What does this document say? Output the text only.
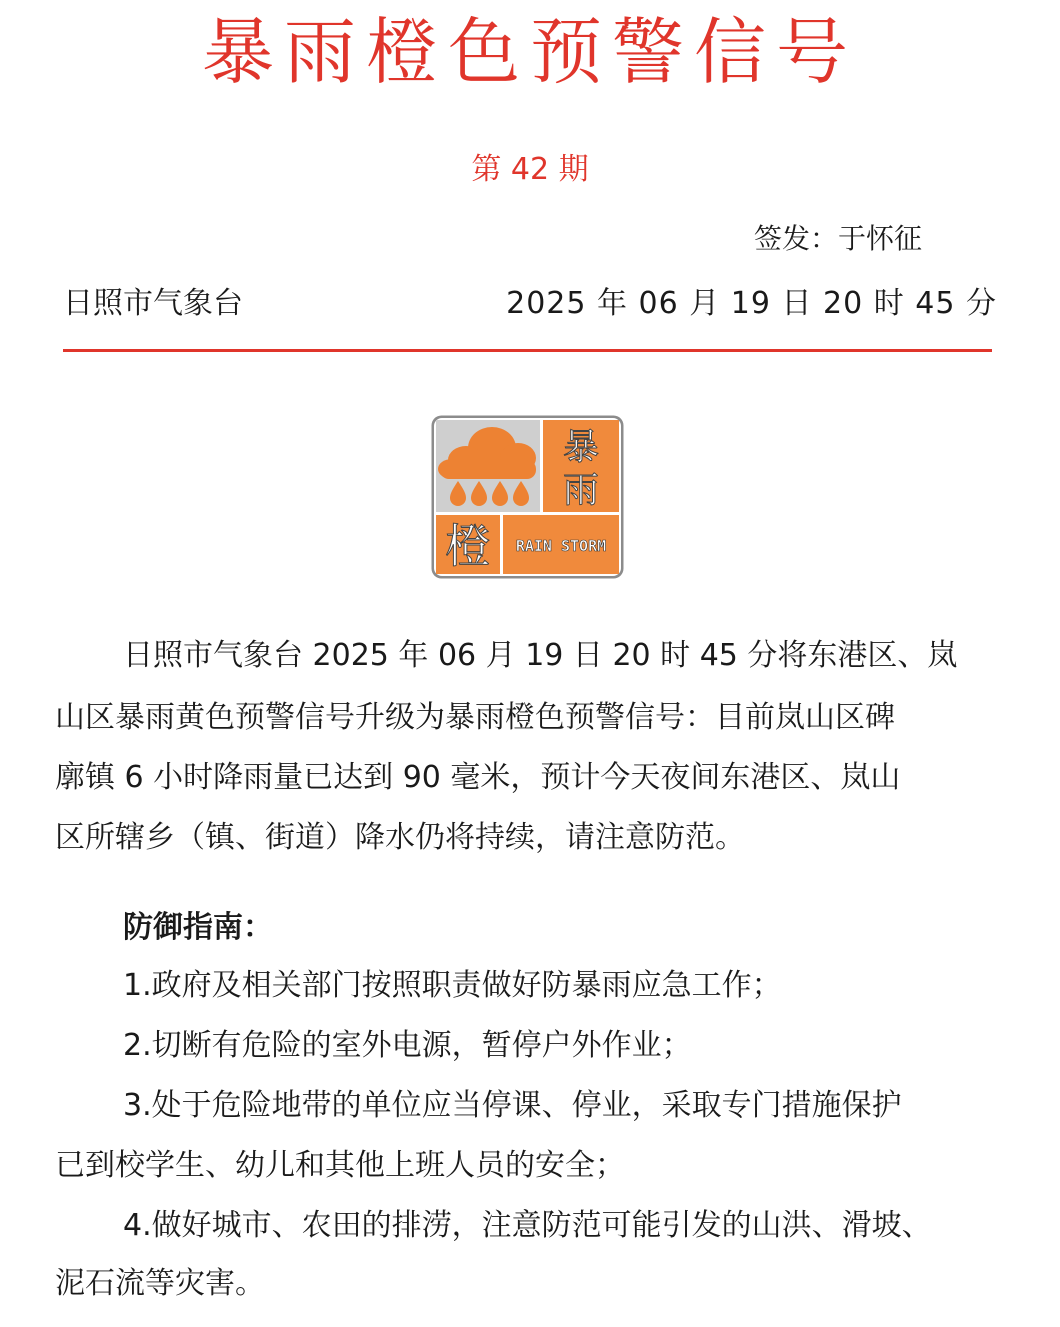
暴雨橙色预警信号
第 42 期
签发：于怀征
日照市气象台	2025 年 06 月 19 日 20 时 45 分
暴
雨
橙 RAIN STORM
日照市气象台 2025 年 06 月 19 日 20 时 45 分将东港区、岚
山区暴雨黄色预警信号升级为暴雨橙色预警信号：目前岚山区碑
廓镇 6 小时降雨量已达到 90 毫米，预计今天夜间东港区、岚山
区所辖乡（镇、街道）降水仍将持续，请注意防范。
防御指南：
1.政府及相关部门按照职责做好防暴雨应急工作；
2.切断有危险的室外电源，暂停户外作业；
3.处于危险地带的单位应当停课、停业，采取专门措施保护
已到校学生、幼儿和其他上班人员的安全；
4.做好城市、农田的排涝，注意防范可能引发的山洪、滑坡、
泥石流等灾害。
